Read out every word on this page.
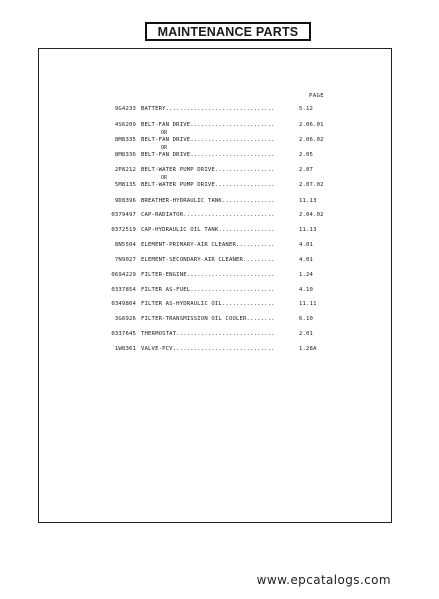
MAINTENANCE PARTS
PAGE
9G4233 BATTERY...............................	5.12
4S6209 BELT-FAN DRIVE........................	2.06.01
OR
8M8335 BELT-FAN DRIVE........................	2.06.02
OR
8M8336 BELT-FAN DRIVE........................	2.05
2P8212 BELT-WATER PUMP DRIVE.................	2.07
OR
5M8135 BELT-WATER PUMP DRIVE.................	2.07.02
9D8396 BREATHER-HYDRAULIC TANK...............	11.13
0379497 CAP-RADIATOR..........................	2.04.02
0372519 CAP-HYDRAULIC OIL TANK................	11.13
8N5504 ELEMENT-PRIMARY-AIR CLEANER...........	4.01
7N9027 ELEMENT-SECONDARY-AIR CLEANER.........	4.01
0694229 FILTER-ENGINE.........................	1.24
0337854 FILTER AS-FUEL........................	4.10
0349804 FILTER AS-HYDRAULIC OIL...............	11.11
3G6926 FILTER-TRANSMISSION OIL COOLER........	6.10
0337645 THERMOSTAT............................	2.01
1W8361 VALVE-PCV.............................	1.28A
www.epcatalogs.com
